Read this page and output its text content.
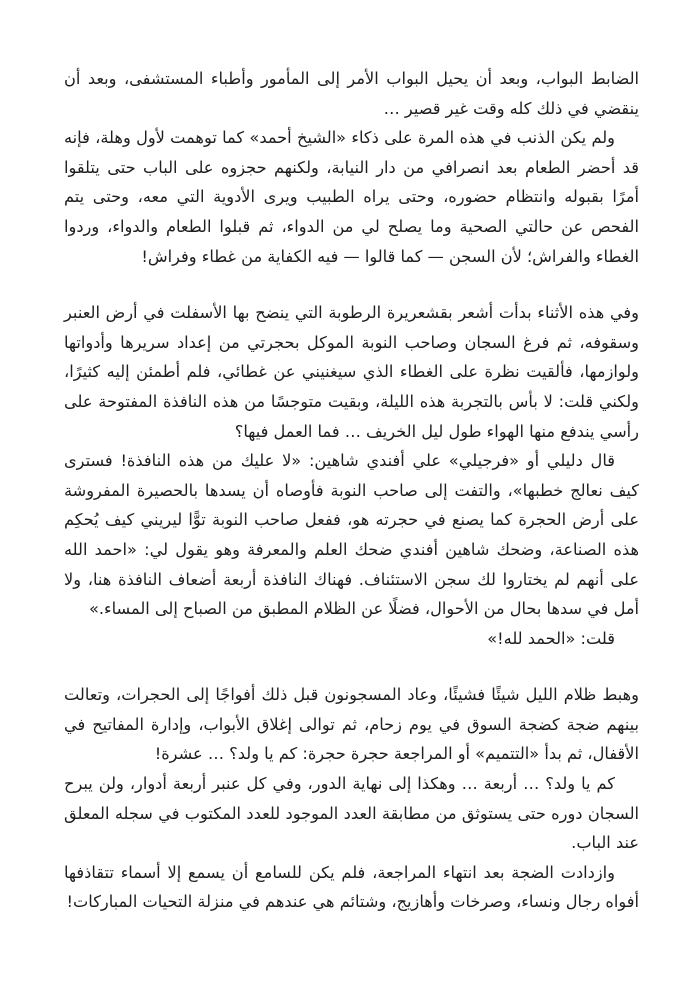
الضابط البواب، وبعد أن يحيل البواب الأمر إلى المأمور وأطباء المستشفى، وبعد أن ينقضي في ذلك كله وقت غير قصير …

ولم يكن الذنب في هذه المرة على ذكاء «الشيخ أحمد» كما توهمت لأول وهلة، فإنه قد أحضر الطعام بعد انصرافي من دار النيابة، ولكنهم حجزوه على الباب حتى يتلقوا أمرًا بقبوله وانتظام حضوره، وحتى يراه الطبيب ويرى الأدوية التي معه، وحتى يتم الفحص عن حالتي الصحية وما يصلح لي من الدواء، ثم قبلوا الطعام والدواء، وردوا الغطاء والفراش؛ لأن السجن — كما قالوا — فيه الكفاية من غطاء وفراش!

وفي هذه الأثناء بدأت أشعر بقشعريرة الرطوبة التي ينضح بها الأسفلت في أرض العنبر وسقوفه، ثم فرغ السجان وصاحب النوبة الموكل بحجرتي من إعداد سريرها وأدواتها ولوازمها، فألقيت نظرة على الغطاء الذي سيغنيني عن غطائي، فلم أطمئن إليه كثيرًا، ولكني قلت: لا بأس بالتجربة هذه الليلة، وبقيت متوجسًا من هذه النافذة المفتوحة على رأسي يندفع منها الهواء طول ليل الخريف … فما العمل فيها؟

قال دليلي أو «فرجيلي» علي أفندي شاهين: «لا عليك من هذه النافذة! فسترى كيف نعالج خطبها»، والتفت إلى صاحب النوبة فأوصاه أن يسدها بالحصيرة المفروشة على أرض الحجرة كما يصنع في حجرته هو، ففعل صاحب النوبة توًّا ليريني كيف يُحكِم هذه الصناعة، وضحك شاهين أفندي ضحك العلم والمعرفة وهو يقول لي: «احمد الله على أنهم لم يختاروا لك سجن الاستئناف. فهناك النافذة أربعة أضعاف النافذة هنا، ولا أمل في سدها بحال من الأحوال، فضلًا عن الظلام المطبق من الصباح إلى المساء.»

قلت: «الحمد لله!»

وهبط ظلام الليل شيئًا فشيئًا، وعاد المسجونون قبل ذلك أفواجًا إلى الحجرات، وتعالت بينهم ضجة كضجة السوق في يوم زحام، ثم توالى إغلاق الأبواب، وإدارة المفاتيح في الأقفال، ثم بدأ «التتميم» أو المراجعة حجرة حجرة: كم يا ولد؟ … عشرة!

كم يا ولد؟ … أربعة … وهكذا إلى نهاية الدور، وفي كل عنبر أربعة أدوار، ولن يبرح السجان دوره حتى يستوثق من مطابقة العدد الموجود للعدد المكتوب في سجله المعلق عند الباب.

وازدادت الضجة بعد انتهاء المراجعة، فلم يكن للسامع أن يسمع إلا أسماء تتقاذفها أفواه رجال ونساء، وصرخات وأهازيج، وشتائم هي عندهم في منزلة التحيات المباركات!
